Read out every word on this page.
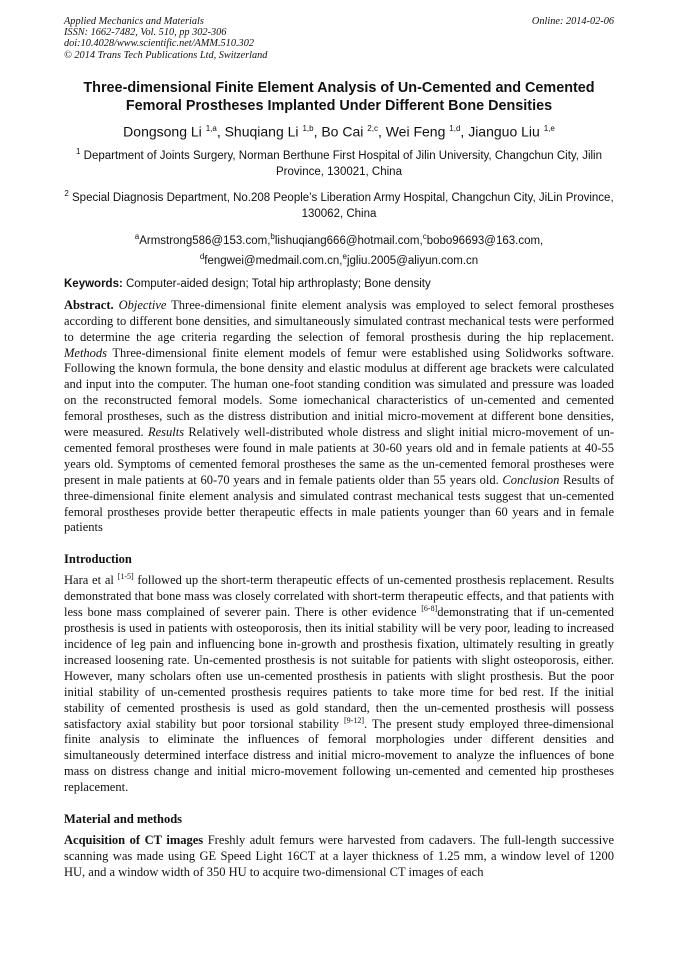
Applied Mechanics and Materials
ISSN: 1662-7482, Vol. 510, pp 302-306
doi:10.4028/www.scientific.net/AMM.510.302
© 2014 Trans Tech Publications Ltd, Switzerland
Online: 2014-02-06
Three-dimensional Finite Element Analysis of Un-Cemented and Cemented Femoral Prostheses Implanted Under Different Bone Densities
Dongsong Li $^{1,a}$, Shuqiang Li $^{1,b}$, Bo Cai $^{2,c}$, Wei Feng $^{1,d}$, Jianguo Liu $^{1,e}$
$^1$ Department of Joints Surgery, Norman Berthune First Hospital of Jilin University, Changchun City, Jilin Province, 130021, China
$^2$ Special Diagnosis Department, No.208 People’s Liberation Army Hospital, Changchun City, JiLin Province, 130062, China
$^a$Armstrong586@153.com,$^b$lishuqiang666@hotmail.com,$^c$bobo96693@163.com,
$^d$fengwei@medmail.com.cn,$^e$jgliu.2005@aliyun.com.cn
Keywords: Computer-aided design; Total hip arthroplasty; Bone density

Abstract. Objective Three-dimensional finite element analysis was employed to select femoral prostheses according to different bone densities, and simultaneously simulated contrast mechanical tests were performed to determine the age criteria regarding the selection of femoral prosthesis during the hip replacement. Methods Three-dimensional finite element models of femur were established using Solidworks software. Following the known formula, the bone density and elastic modulus at different age brackets were calculated and input into the computer. The human one-foot standing condition was simulated and pressure was loaded on the reconstructed femoral models. Some iomechanical characteristics of un-cemented and cemented femoral prostheses, such as the distress distribution and initial micro-movement at different bone densities, were measured. Results Relatively well-distributed whole distress and slight initial micro-movement of un-cemented femoral prostheses were found in male patients at 30-60 years old and in female patients at 40-55 years old. Symptoms of cemented femoral prostheses the same as the un-cemented femoral prostheses were present in male patients at 60-70 years and in female patients older than 55 years old. Conclusion Results of three-dimensional finite element analysis and simulated contrast mechanical tests suggest that un-cemented femoral prostheses provide better therapeutic effects in male patients younger than 60 years and in female patients

Introduction

Hara et al [1-5] followed up the short-term therapeutic effects of un-cemented prosthesis replacement. Results demonstrated that bone mass was closely correlated with short-term therapeutic effects, and that patients with less bone mass complained of severer pain. There is other evidence [6-8]demonstrating that if un-cemented prosthesis is used in patients with osteoporosis, then its initial stability will be very poor, leading to increased incidence of leg pain and influencing bone in-growth and prosthesis fixation, ultimately resulting in greatly increased loosening rate. Un-cemented prosthesis is not suitable for patients with slight osteoporosis, either. However, many scholars often use un-cemented prosthesis in patients with slight prosthesis. But the poor initial stability of un-cemented prosthesis requires patients to take more time for bed rest. If the initial stability of cemented prosthesis is used as gold standard, then the un-cemented prosthesis will possess satisfactory axial stability but poor torsional stability [9-12]. The present study employed three-dimensional finite analysis to eliminate the influences of femoral morphologies under different densities and simultaneously determined interface distress and initial micro-movement to analyze the influences of bone mass on distress change and initial micro-movement following un-cemented and cemented hip prostheses replacement.

Material and methods

Acquisition of CT images Freshly adult femurs were harvested from cadavers. The full-length successive scanning was made using GE Speed Light 16CT at a layer thickness of 1.25 mm, a window level of 1200 HU, and a window width of 350 HU to acquire two-dimensional CT images of each
